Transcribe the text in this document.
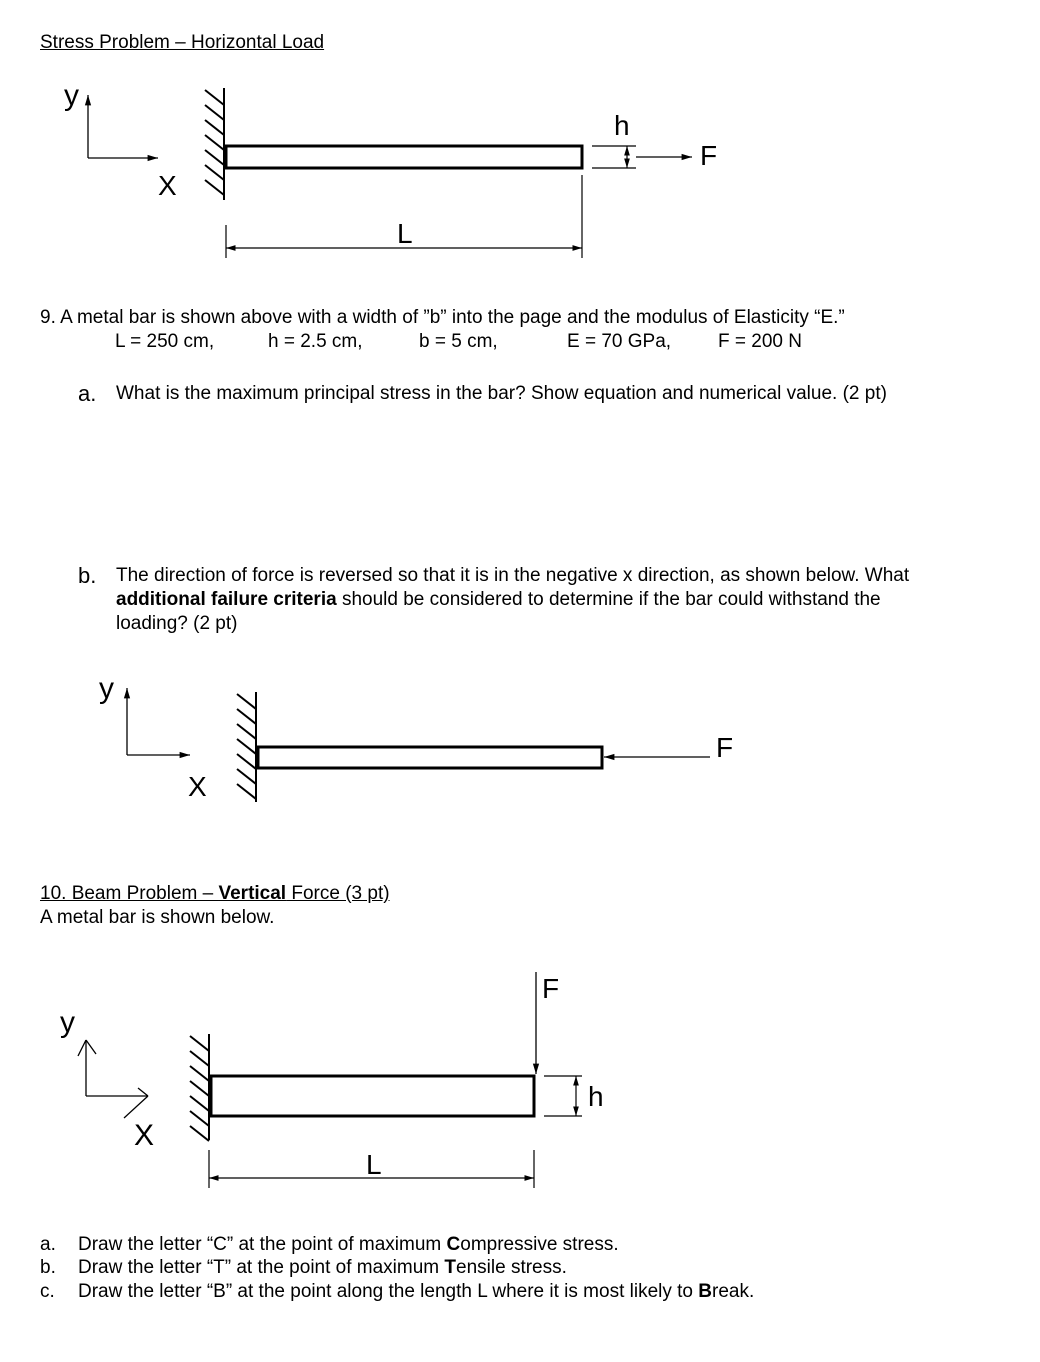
Stress Problem – Horizontal Load
y
X
h
F
L
9. A metal bar is shown above with a width of ”b” into the page and the modulus of Elasticity “E.”
L = 250 cm,	h = 2.5 cm,	b = 5 cm,	E = 70 GPa, F = 200 N
a. What is the maximum principal stress in the bar? Show equation and numerical value. (2 pt)
b. The direction of force is reversed so that it is in the negative x direction, as shown below. What
additional failure criteria should be considered to determine if the bar could withstand the
loading? (2 pt)
y
X
F
10. Beam Problem – Vertical Force (3 pt)
A metal bar is shown below.
y
X
F
h
L
a. Draw the letter “C” at the point of maximum Compressive stress.
b. Draw the letter “T” at the point of maximum Tensile stress.
c. Draw the letter “B” at the point along the length L where it is most likely to Break.
